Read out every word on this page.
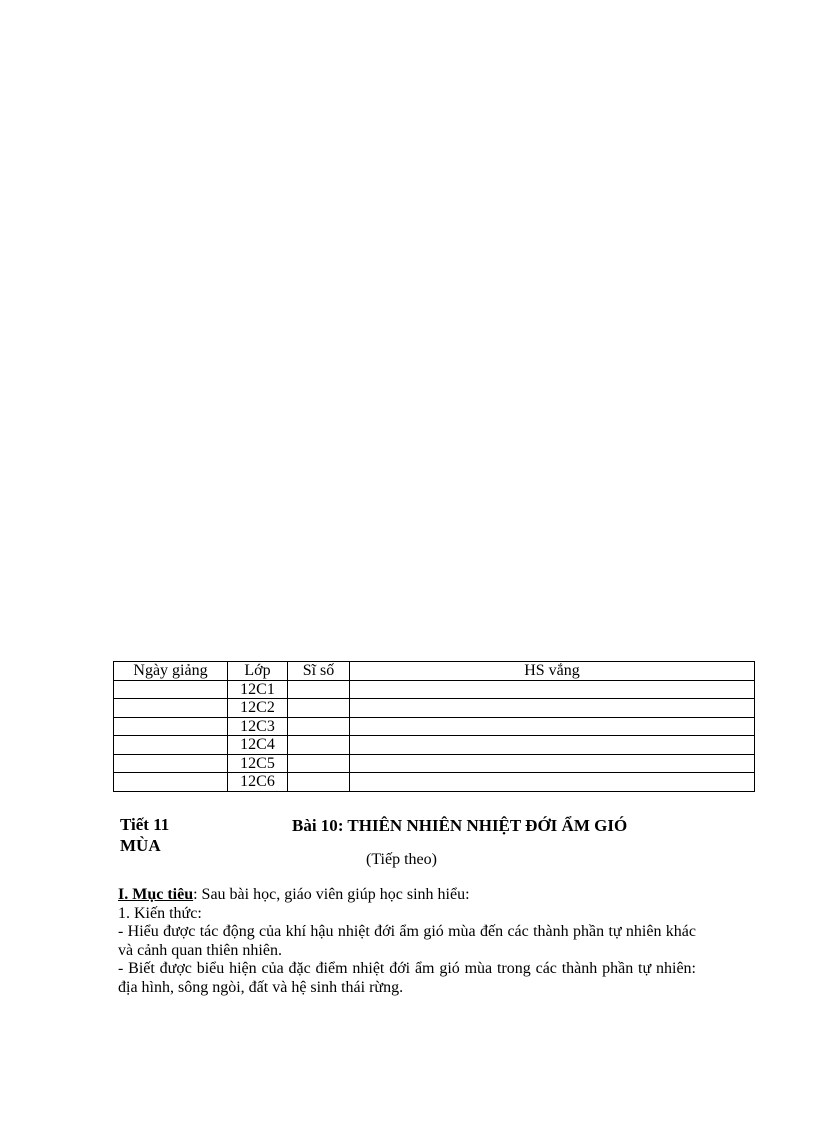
Ngày giảng	Lớp	Sĩ số	HS vắng
	12C1		
	12C2		
	12C3		
	12C4		
	12C5		
	12C6		
Tiết 11
MÙA
Bài 10: THIÊN NHIÊN NHIỆT ĐỚI ẨM GIÓ
(Tiếp theo)

I. Mục tiêu: Sau bài học, giáo viên giúp học sinh hiểu:

1. Kiến thức:

- Hiểu được tác động của khí hậu nhiệt đới ẩm gió mùa đến các thành phần tự nhiên khác và cảnh quan thiên nhiên.

- Biết được biểu hiện của đặc điểm nhiệt đới ẩm gió mùa trong các thành phần tự nhiên: địa hình, sông ngòi, đất và hệ sinh thái rừng.
